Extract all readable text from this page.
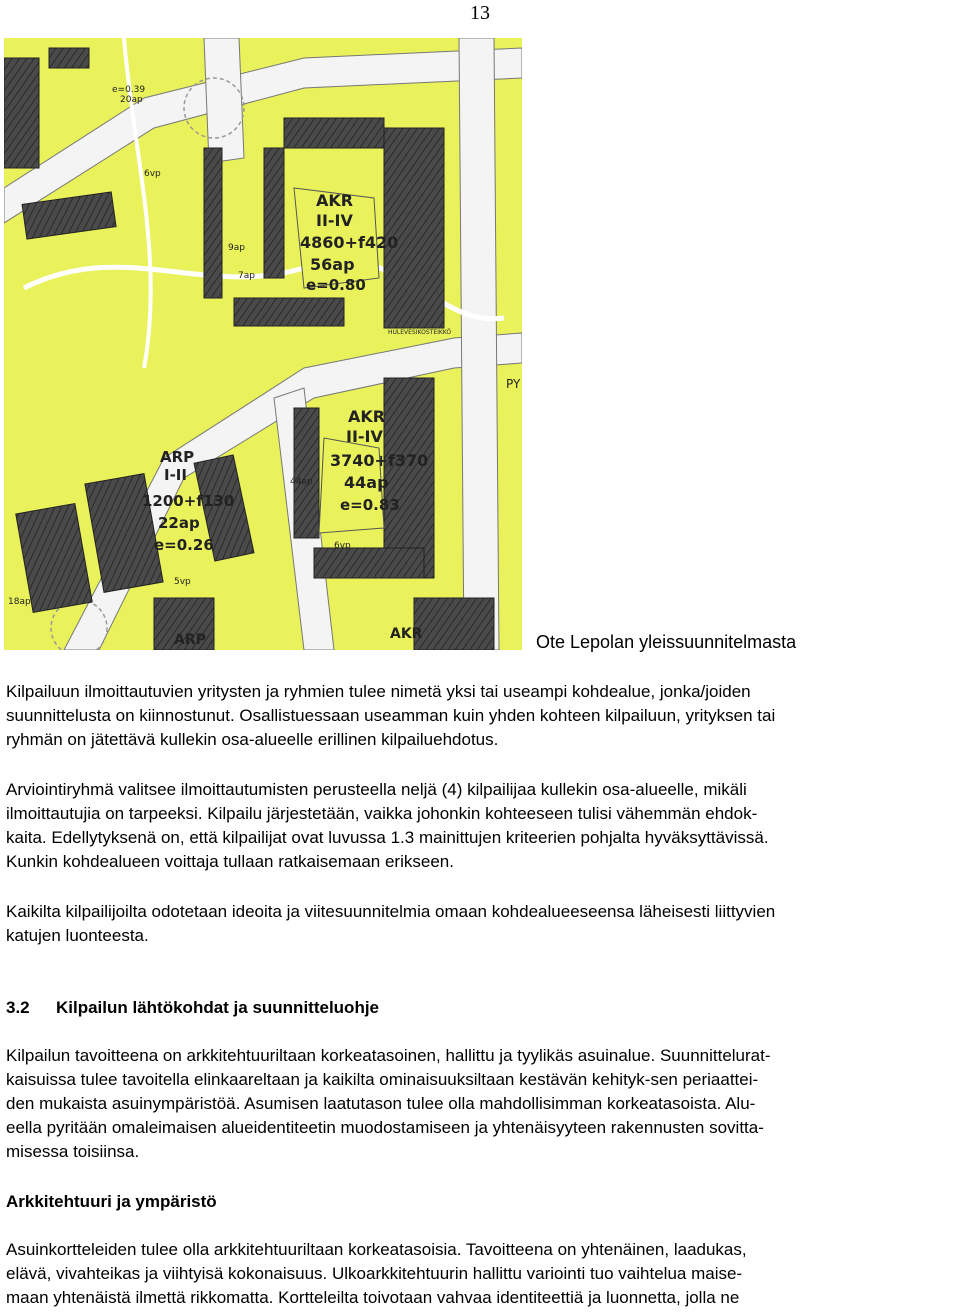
13
AKR
II-IV
4860+f420
56ap
e=0.80
AKR
II-IV
3740+f370
44ap
e=0.83
ARP
I-II
1200+f130
22ap
e=0.26
AKR
ARP
e=0.39
20ap
18ap
6vp
6vp
7ap
44ap
5vp
9ap
HULEVESIKOSTEIKKÖ
PY
Ote Lepolan yleissuunnitelmasta

Kilpailuun ilmoittautuvien yritysten ja ryhmien tulee nimetä yksi tai useampi kohdealue, jonka/joiden
suunnittelusta on kiinnostunut. Osallistuessaan useamman kuin yhden kohteen kilpailuun, yrityksen tai
ryhmän on jätettävä kullekin osa-alueelle erillinen kilpailuehdotus.

Arviointiryhmä valitsee ilmoittautumisten perusteella neljä (4) kilpailijaa kullekin osa-alueelle, mikäli
ilmoittautujia on tarpeeksi. Kilpailu järjestetään, vaikka johonkin kohteeseen tulisi vähemmän ehdok-
kaita. Edellytyksenä on, että kilpailijat ovat luvussa 1.3 mainittujen kriteerien pohjalta hyväksyttävissä.
Kunkin kohdealueen voittaja tullaan ratkaisemaan erikseen.

Kaikilta kilpailijoilta odotetaan ideoita ja viitesuunnitelmia omaan kohdealueeseensa läheisesti liittyvien
katujen luonteesta.

3.2 Kilpailun lähtökohdat ja suunnitteluohje

Kilpailun tavoitteena on arkkitehtuuriltaan korkeatasoinen, hallittu ja tyylikäs asuinalue. Suunnittelurat-
kaisuissa tulee tavoitella elinkaareltaan ja kaikilta ominaisuuksiltaan kestävän kehityk-sen periaattei-
den mukaista asuinympäristöä. Asumisen laatutason tulee olla mahdollisimman korkeatasoista. Alu-
eella pyritään omaleimaisen alueidentiteetin muodostamiseen ja yhtenäisyyteen rakennusten sovitta-
misessa toisiinsa.

Arkkitehtuuri ja ympäristö

Asuinkortteleiden tulee olla arkkitehtuuriltaan korkeatasoisia. Tavoitteena on yhtenäinen, laadukas,
elävä, vivahteikas ja viihtyisä kokonaisuus. Ulkoarkkitehtuurin hallittu variointi tuo vaihtelua maise-
maan yhtenäistä ilmettä rikkomatta. Kortteleilta toivotaan vahvaa identiteettiä ja luonnetta, jolla ne
